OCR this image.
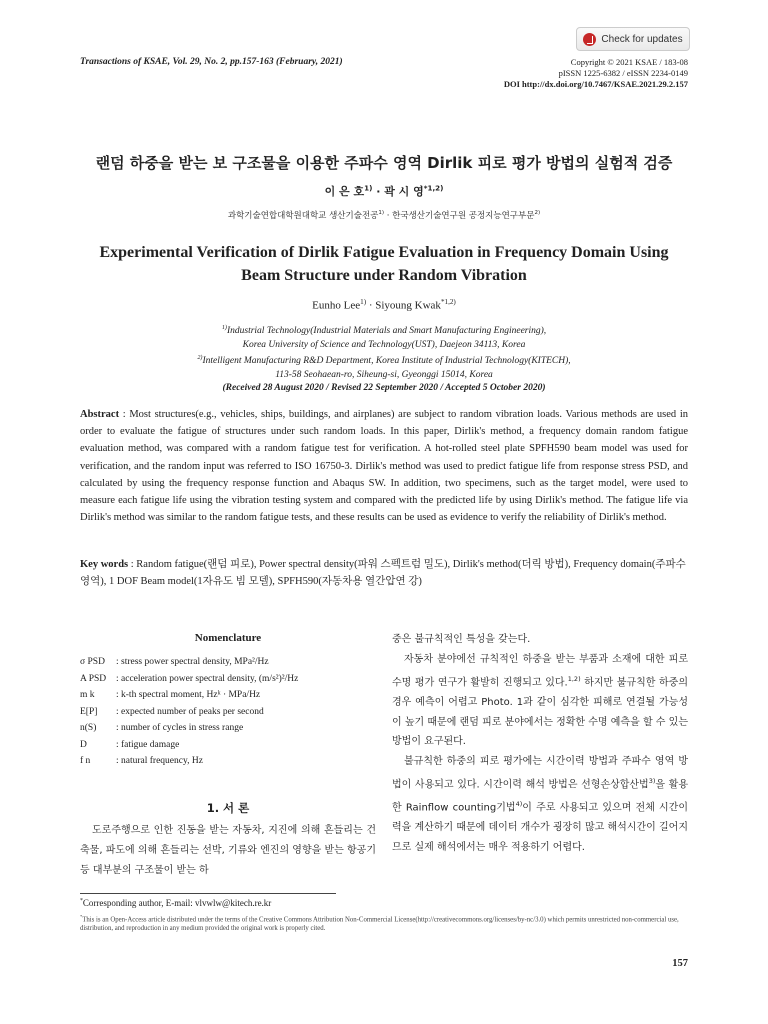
Check for updates
Transactions of KSAE, Vol. 29, No. 2, pp.157-163 (February, 2021)	Copyright © 2021 KSAE / 183-08
pISSN 1225-6382 / eISSN 2234-0149
DOI http://dx.doi.org/10.7467/KSAE.2021.29.2.157
랜덤 하중을 받는 보 구조물을 이용한 주파수 영역 Dirlik 피로 평가 방법의 실험적 검증
이 은 호$^{1)}$ · 곽 시 영$^{*1,2)}$
과학기술연합대학원대학교 생산기술전공$^{1)}$ · 한국생산기술연구원 공정지능연구부문$^{2)}$
Experimental Verification of Dirlik Fatigue Evaluation in Frequency Domain Using
Beam Structure under Random Vibration
Eunho Lee$^{1)}$ · Siyoung Kwak$^{*1,2)}$
$^{1)}$Industrial Technology(Industrial Materials and Smart Manufacturing Engineering),
Korea University of Science and Technology(UST), Daejeon 34113, Korea
$^{2)}$Intelligent Manufacturing R&D Department, Korea Institute of Industrial Technology(KITECH),
113-58 Seohaean-ro, Siheung-si, Gyeonggi 15014, Korea
(Received 28 August 2020 / Revised 22 September 2020 / Accepted 5 October 2020)
Abstract : Most structures(e.g., vehicles, ships, buildings, and airplanes) are subject to random vibration loads. Various methods are used in order to evaluate the fatigue of structures under such random loads. In this paper, Dirlik's method, a frequency domain random fatigue evaluation method, was compared with a random fatigue test for verification. A hot-rolled steel plate SPFH590 beam model was used for verification, and the random input was referred to ISO 16750-3. Dirlik's method was used to predict fatigue life from response stress PSD, and calculated by using the frequency response function and Abaqus SW. In addition, two specimens, such as the target model, were used to measure each fatigue life using the vibration testing system and compared with the predicted life by using Dirlik's method. The fatigue life via Dirlik's method was similar to the random fatigue tests, and these results can be used as evidence to verify the reliability of Dirlik's method.
Key words : Random fatigue(랜덤 피로), Power spectral density(파워 스펙트럼 밀도), Dirlik's method(더릭 방법), Frequency domain(주파수 영역), 1 DOF Beam model(1자유도 빔 모델), SPFH590(자동차용 열간압연 강)
Nomenclature
σ PSD	: stress power spectral density, MPa²/Hz
A PSD	: acceleration power spectral density, (m/s²)²/Hz
m k	: k-th spectral moment, Hzᵏ · MPa/Hz
E[P]	: expected number of peaks per second
n(S)	: number of cycles in stress range
D	: fatigue damage
f n	: natural frequency, Hz
1. 서 론
도로주행으로 인한 진동을 받는 자동차, 지진에 의해 흔들리는 건축물, 파도에 의해 흔들리는 선박, 기류와 엔진의 영향을 받는 항공기 등 대부분의 구조물이 받는 하

중은 불규칙적인 특성을 갖는다.

자동차 분야에선 규칙적인 하중을 받는 부품과 소재에 대한 피로수명 평가 연구가 활발히 진행되고 있다.$^{1,2)}$ 하지만 불규칙한 하중의 경우 예측이 어렵고 Photo. 1과 같이 심각한 피해로 연결될 가능성이 높기 때문에 랜덤 피로 분야에서는 정확한 수명 예측을 할 수 있는 방법이 요구된다.

불규칙한 하중의 피로 평가에는 시간이력 방법과 주파수 영역 방법이 사용되고 있다. 시간이력 해석 방법은 선형손상합산법$^{3)}$을 활용한 Rainflow counting기법$^{4)}$이 주로 사용되고 있으며 전체 시간이력을 계산하기 때문에 데이터 개수가 굉장히 많고 해석시간이 길어지므로 실제 해석에서는 매우 적용하기 어렵다.

*Corresponding author, E-mail: vlvwlw@kitech.re.kr
*This is an Open-Access article distributed under the terms of the Creative Commons Attribution Non-Commercial License(http://creativecommons.org/licenses/by-nc/3.0) which permits unrestricted non-commercial use, distribution, and reproduction in any medium provided the original work is properly cited.
157
